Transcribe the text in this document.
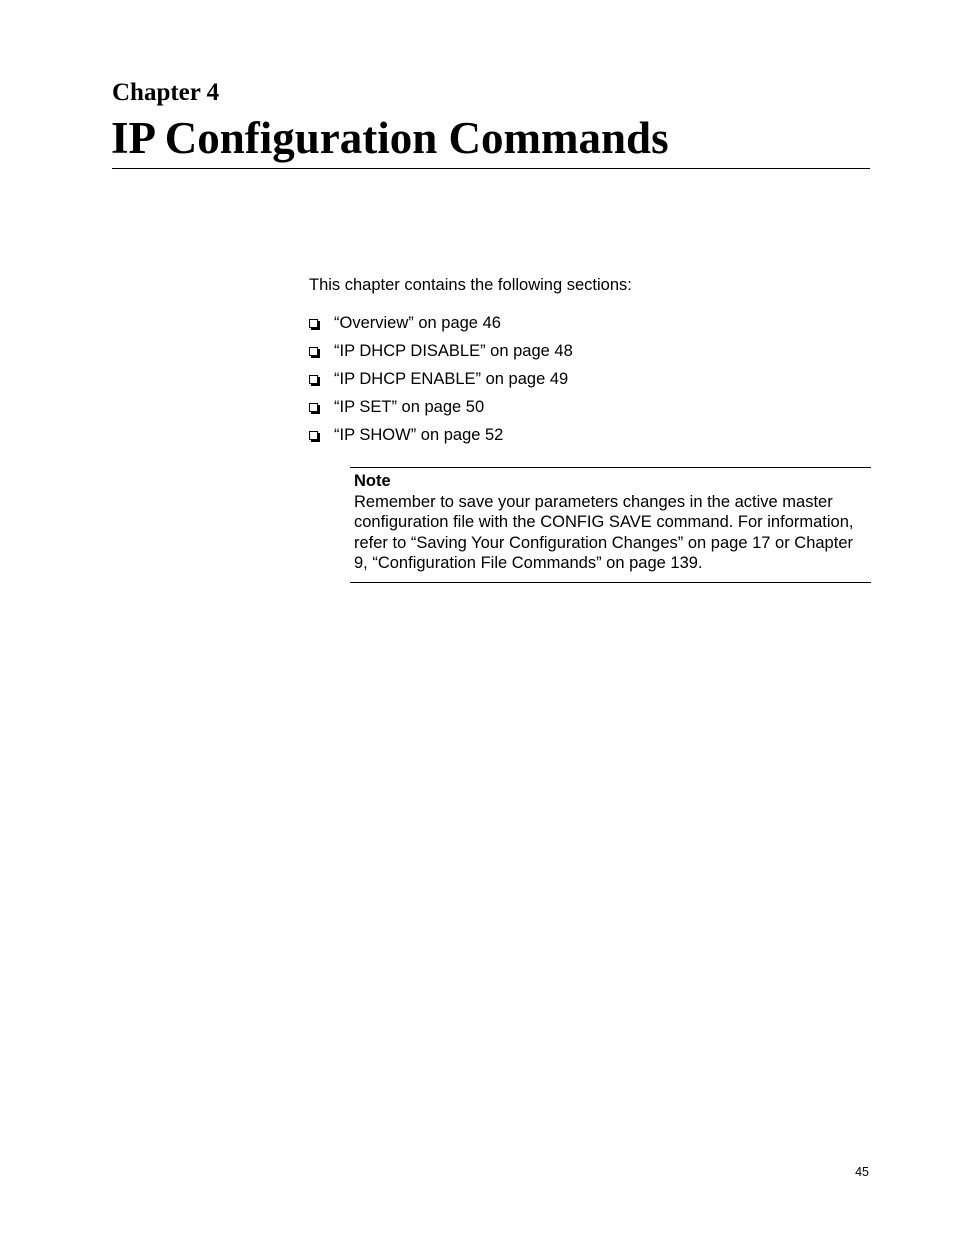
Chapter 4
IP Configuration Commands
This chapter contains the following sections:
“Overview” on page 46
“IP DHCP DISABLE” on page 48
“IP DHCP ENABLE” on page 49
“IP SET” on page 50
“IP SHOW” on page 52
Note
Remember to save your parameters changes in the active master configuration file with the CONFIG SAVE command. For information, refer to “Saving Your Configuration Changes” on page 17 or Chapter 9, “Configuration File Commands” on page 139.
45
